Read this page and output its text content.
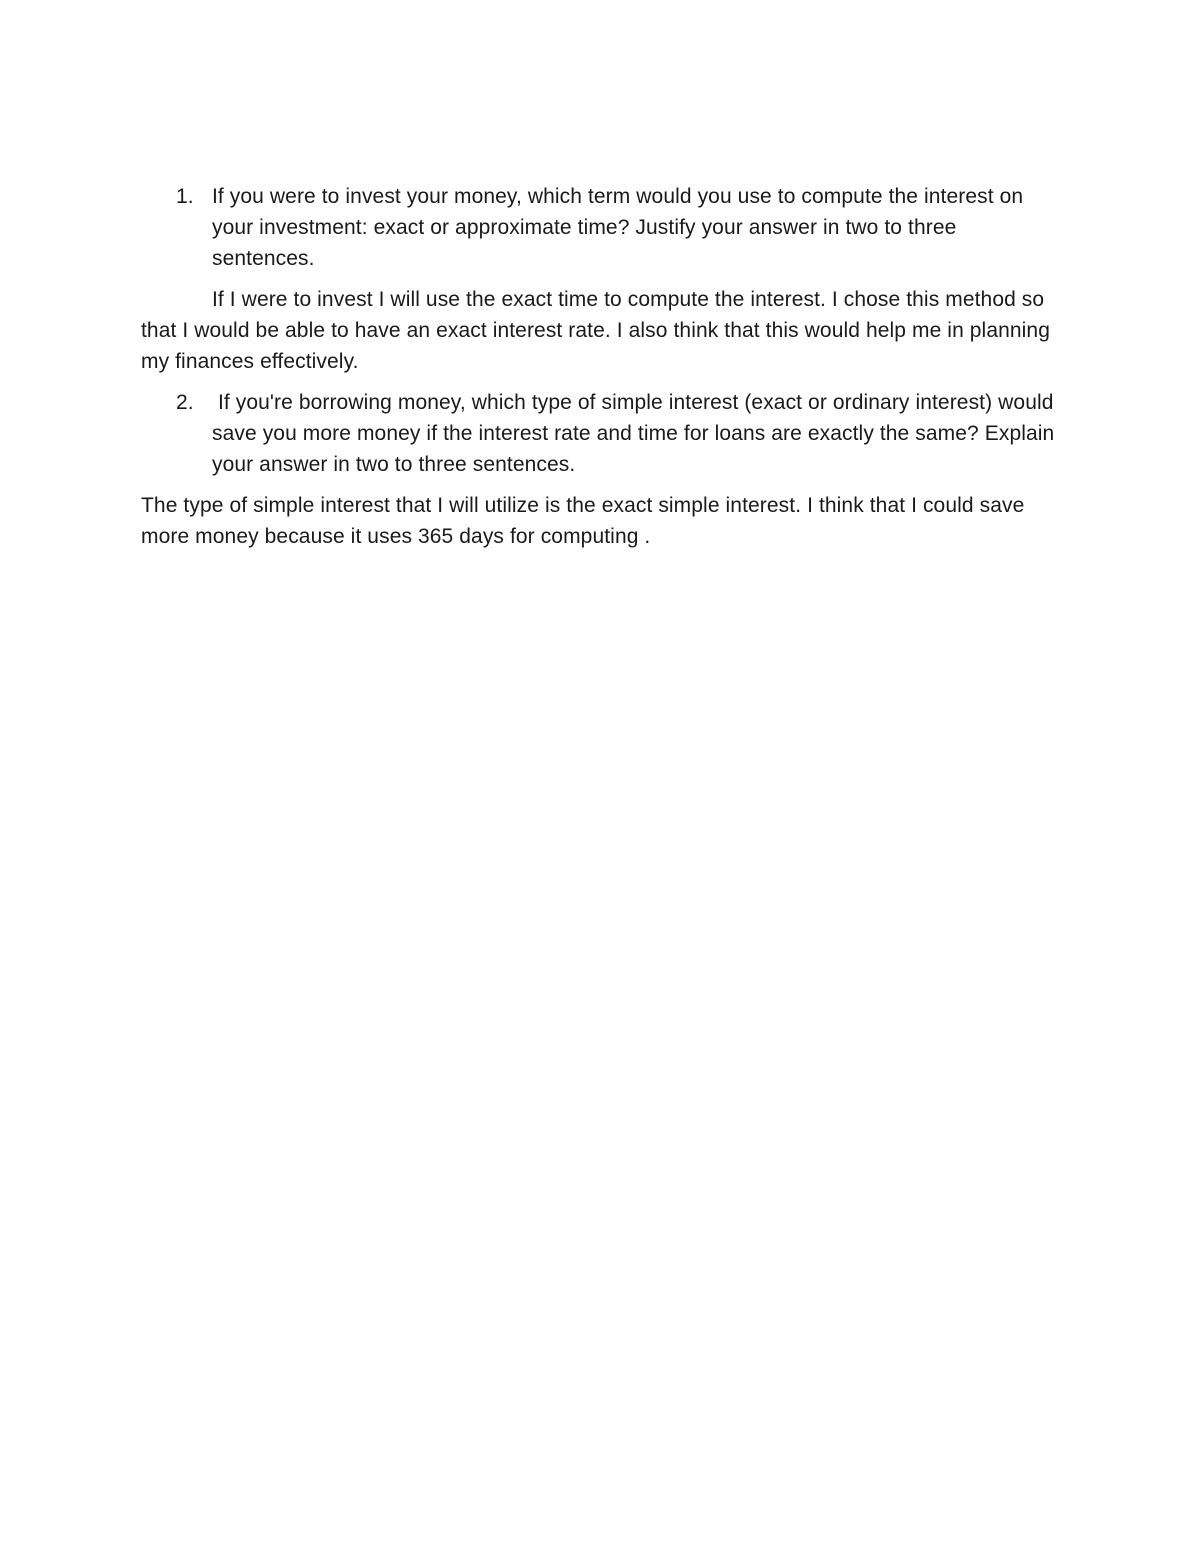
1. If you were to invest your money, which term would you use to compute the interest on your investment: exact or approximate time? Justify your answer in two to three sentences.

If I were to invest I will use the exact time to compute the interest. I chose this method so that I would be able to have an exact interest rate. I also think that this would help me in planning my finances effectively.

2. If you're borrowing money, which type of simple interest (exact or ordinary interest) would save you more money if the interest rate and time for loans are exactly the same? Explain your answer in two to three sentences.

The type of simple interest that I will utilize is the exact simple interest. I think that I could save more money because it uses 365 days for computing .
